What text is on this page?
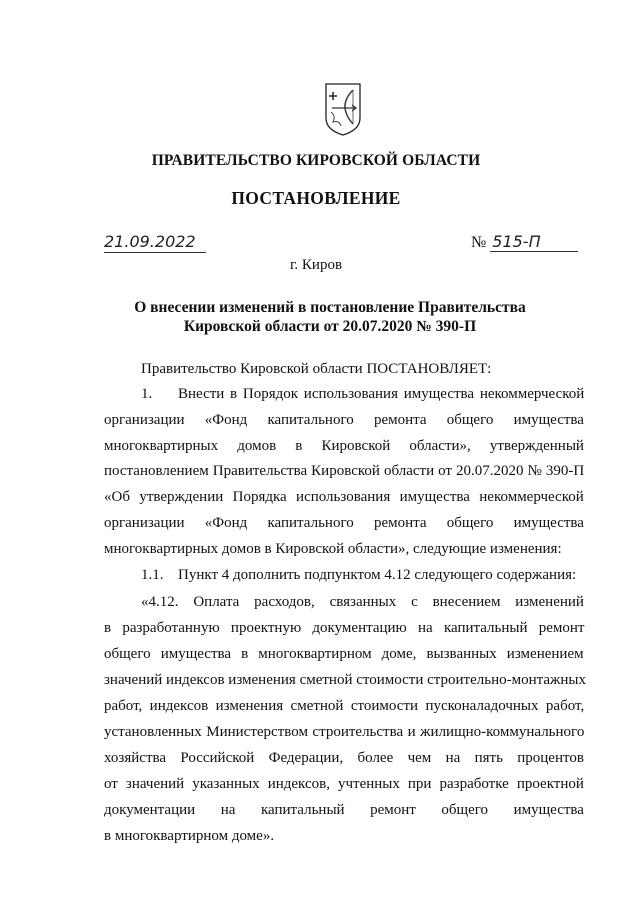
ПРАВИТЕЛЬСТВО КИРОВСКОЙ ОБЛАСТИ
ПОСТАНОВЛЕНИЕ
21.09.2022	№ 515-П
г. Киров
О внесении изменений в постановление Правительства
Кировской области от 20.07.2020 № 390-П
Правительство Кировской области ПОСТАНОВЛЯЕТ:
1. Внести в Порядок использования имущества некоммерческой
организации «Фонд капитального ремонта общего имущества
многоквартирных домов в Кировской области», утвержденный
постановлением Правительства Кировской области от 20.07.2020 № 390-П
«Об утверждении Порядка использования имущества некоммерческой
организации «Фонд капитального ремонта общего имущества
многоквартирных домов в Кировской области», следующие изменения:
1.1. Пункт 4 дополнить подпунктом 4.12 следующего содержания:
«4.12. Оплата расходов, связанных с внесением изменений
в разработанную проектную документацию на капитальный ремонт
общего имущества в многоквартирном доме, вызванных изменением
значений индексов изменения сметной стоимости строительно-монтажных
работ, индексов изменения сметной стоимости пусконаладочных работ,
установленных Министерством строительства и жилищно-коммунального
хозяйства Российской Федерации, более чем на пять процентов
от значений указанных индексов, учтенных при разработке проектной
документации на капитальный ремонт общего имущества
в многоквартирном доме».
